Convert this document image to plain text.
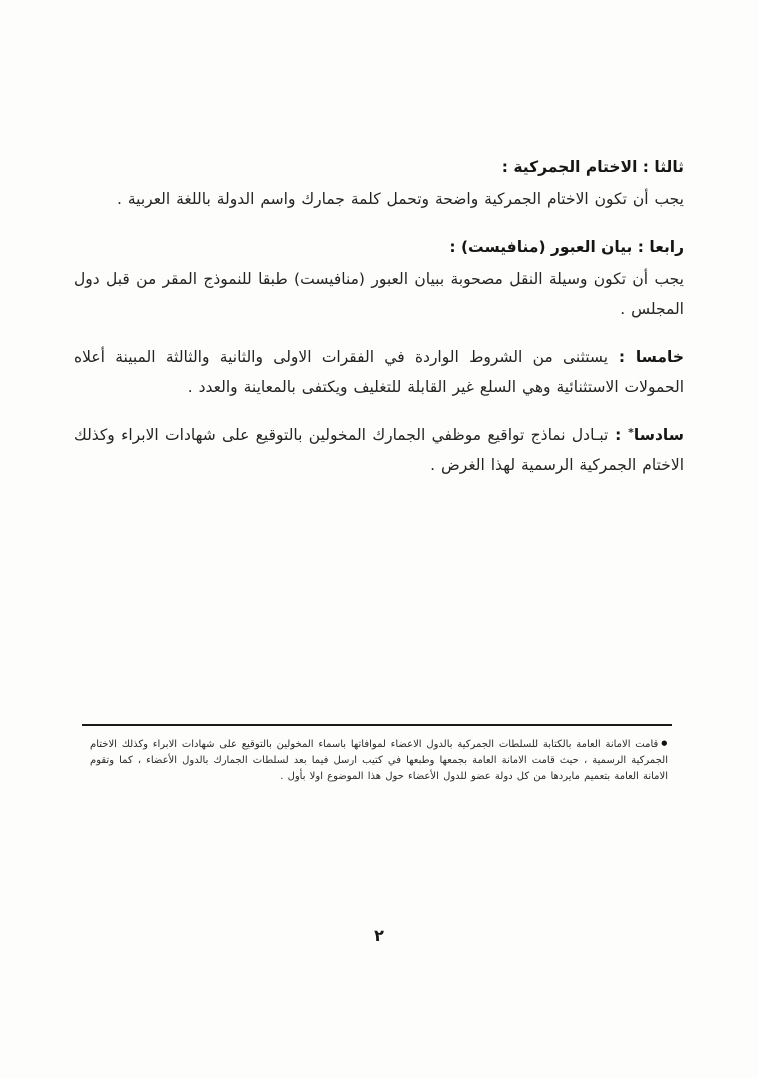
ثالثا : الاختام الجمركية :

يجب أن تكون الاختام الجمركية واضحة وتحمل كلمة جمارك واسم الدولة باللغة العربية .

رابعا : بيان العبور (منافيست) :

يجب أن تكون وسيلة النقل مصحوبة ببيان العبور (منافيست) طبقا للنموذج المقر من قبل دول المجلس .

خامسا : يستثنى من الشروط الواردة في الفقرات الاولى والثانية والثالثة المبينة أعلاه الحمولات الاستثنائية وهي السلع غير القابلة للتغليف ويكتفى بالمعاينة والعدد .

سادسا* : تبـادل نماذج تواقيع موظفي الجمارك المخولين بالتوقيع على شهادات الابراء وكذلك الاختام الجمركية الرسمية لهذا الغرض .

●قامت الامانة العامة بالكتابة للسلطات الجمركية بالدول الاعضاء لموافاتها باسماء المخولين بالتوقيع على شهادات الابراء وكذلك الاختام الجمركية الرسمية ، حيث قامت الامانة العامة بجمعها وطبعها في كتيب ارسل فيما بعد لسلطات الجمارك بالدول الأعضاء ، كما وتقوم الامانة العامة بتعميم مايردها من كل دولة عضو للدول الأعضاء حول هذا الموضوع اولا بأول .

٢
